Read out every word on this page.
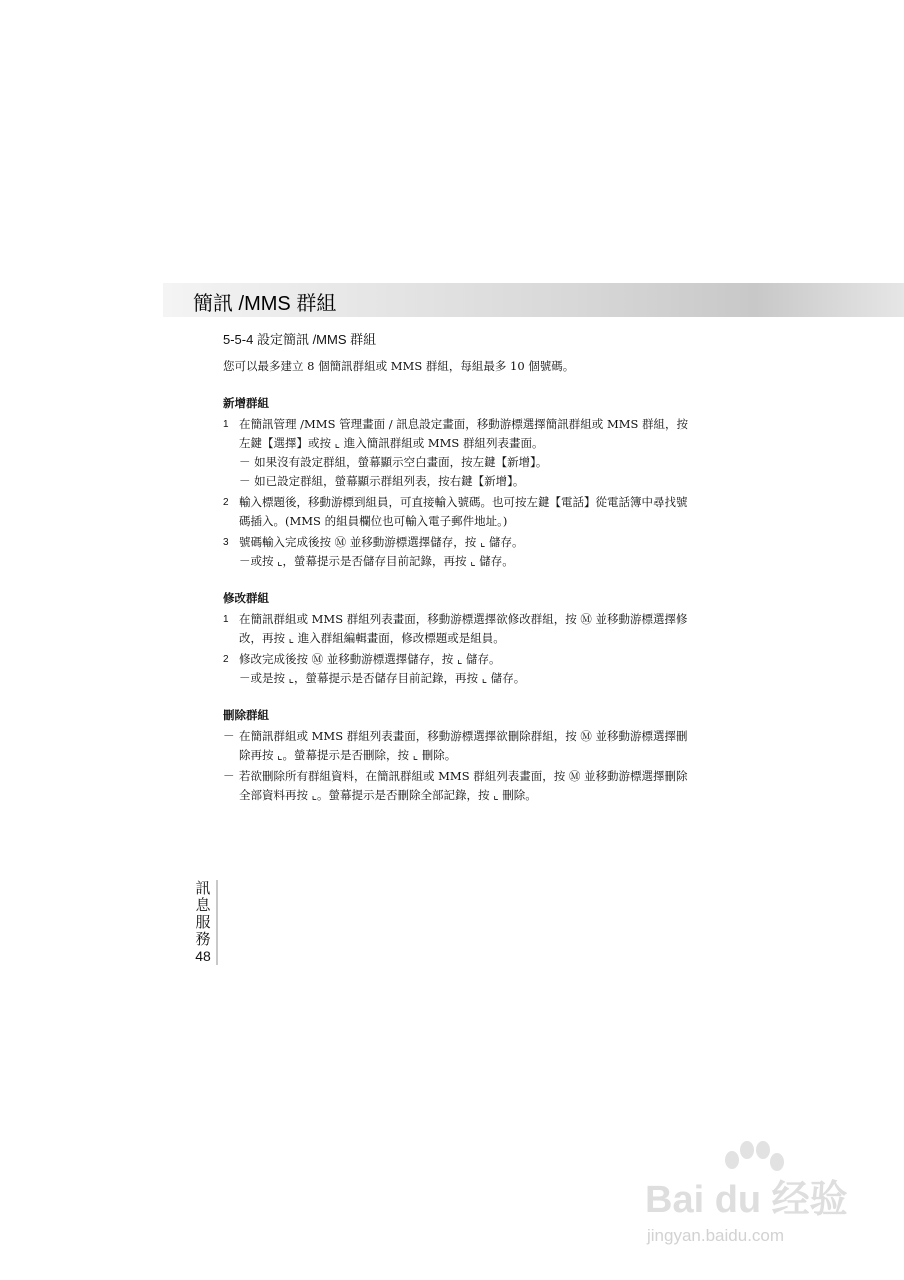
簡訊 /MMS 群組
5-5-4 設定簡訊 /MMS 群組
您可以最多建立 8 個簡訊群組或 MMS 群組，每組最多 10 個號碼。
新增群組
1 在簡訊管理 /MMS 管理畫面 / 訊息設定畫面，移動游標選擇簡訊群組或 MMS 群組，按左鍵【選擇】或按 ⌞ 進入簡訊群組或 MMS 群組列表畫面。
－ 如果沒有設定群組，螢幕顯示空白畫面，按左鍵【新增】。
－ 如已設定群組，螢幕顯示群組列表，按右鍵【新增】。
2 輸入標題後，移動游標到組員，可直接輸入號碼。也可按左鍵【電話】從電話簿中尋找號碼插入。(MMS 的組員欄位也可輸入電子郵件地址。)
3 號碼輸入完成後按 Ⓜ 並移動游標選擇儲存，按 ⌞ 儲存。
－或按 ⌞，螢幕提示是否儲存目前記錄，再按 ⌞ 儲存。
修改群組
1 在簡訊群組或 MMS 群組列表畫面，移動游標選擇欲修改群組，按 Ⓜ 並移動游標選擇修改，再按 ⌞ 進入群組編輯畫面，修改標題或是組員。
2 修改完成後按 Ⓜ 並移動游標選擇儲存，按 ⌞ 儲存。
－或是按 ⌞，螢幕提示是否儲存目前記錄，再按 ⌞ 儲存。
刪除群組
－ 在簡訊群組或 MMS 群組列表畫面，移動游標選擇欲刪除群組，按 Ⓜ 並移動游標選擇刪除再按 ⌞。螢幕提示是否刪除，按 ⌞ 刪除。
－ 若欲刪除所有群組資料，在簡訊群組或 MMS 群組列表畫面，按 Ⓜ 並移動游標選擇刪除全部資料再按 ⌞。螢幕提示是否刪除全部記錄，按 ⌞ 刪除。
訊
息
服
務
48
Bai du 经验
jingyan.baidu.com
